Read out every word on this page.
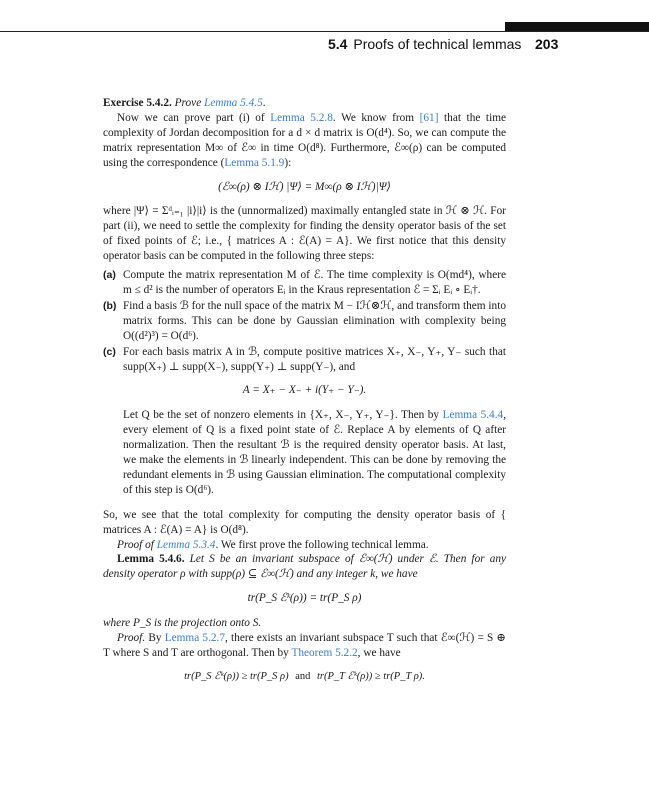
5.4 Proofs of technical lemmas 203

Exercise 5.4.2. Prove Lemma 5.4.5.

Now we can prove part (i) of Lemma 5.2.8. We know from [61] that the time complexity of Jordan decomposition for a d × d matrix is O(d⁴). So, we can compute the matrix representation M∞ of ℰ∞ in time O(d⁸). Furthermore, ℰ∞(ρ) can be computed using the correspondence (Lemma 5.1.9):

(ℰ∞(ρ) ⊗ Iℋ) |Ψ⟩ = M∞(ρ ⊗ Iℋ)|Ψ⟩

where |Ψ⟩ = Σᵈᵢ₌₁ |i⟩|i⟩ is the (unnormalized) maximally entangled state in ℋ ⊗ ℋ. For part (ii), we need to settle the complexity for finding the density operator basis of the set of fixed points of ℰ; i.e., { matrices A : ℰ(A) = A}. We first notice that this density operator basis can be computed in the following three steps:

(a) Compute the matrix representation M of ℰ. The time complexity is O(md⁴), where m ≤ d² is the number of operators Eᵢ in the Kraus representation ℰ = Σᵢ Eᵢ ∘ Eᵢ†.
(b) Find a basis ℬ for the null space of the matrix M − Iℋ⊗ℋ, and transform them into matrix forms. This can be done by Gaussian elimination with complexity being O((d²)³) = O(d⁶).
(c) For each basis matrix A in ℬ, compute positive matrices X₊, X₋, Y₊, Y₋ such that supp(X₊) ⊥ supp(X₋), supp(Y₊) ⊥ supp(Y₋), and

A = X₊ − X₋ + i(Y₊ − Y₋).

Let Q be the set of nonzero elements in {X₊, X₋, Y₊, Y₋}. Then by Lemma 5.4.4, every element of Q is a fixed point state of ℰ. Replace A by elements of Q after normalization. Then the resultant ℬ is the required density operator basis. At last, we make the elements in ℬ linearly independent. This can be done by removing the redundant elements in ℬ using Gaussian elimination. The computational complexity of this step is O(d⁶).

So, we see that the total complexity for computing the density operator basis of { matrices A : ℰ(A) = A} is O(d⁸).

Proof of Lemma 5.3.4. We first prove the following technical lemma.

Lemma 5.4.6. Let S be an invariant subspace of ℰ∞(ℋ) under ℰ. Then for any density operator ρ with supp(ρ) ⊆ ℰ∞(ℋ) and any integer k, we have

tr(P_S ℰᵏ(ρ)) = tr(P_S ρ)

where P_S is the projection onto S.

Proof. By Lemma 5.2.7, there exists an invariant subspace T such that ℰ∞(ℋ) = S ⊕ T where S and T are orthogonal. Then by Theorem 5.2.2, we have

tr(P_S ℰᵏ(ρ)) ≥ tr(P_S ρ) and tr(P_T ℰᵏ(ρ)) ≥ tr(P_T ρ).
